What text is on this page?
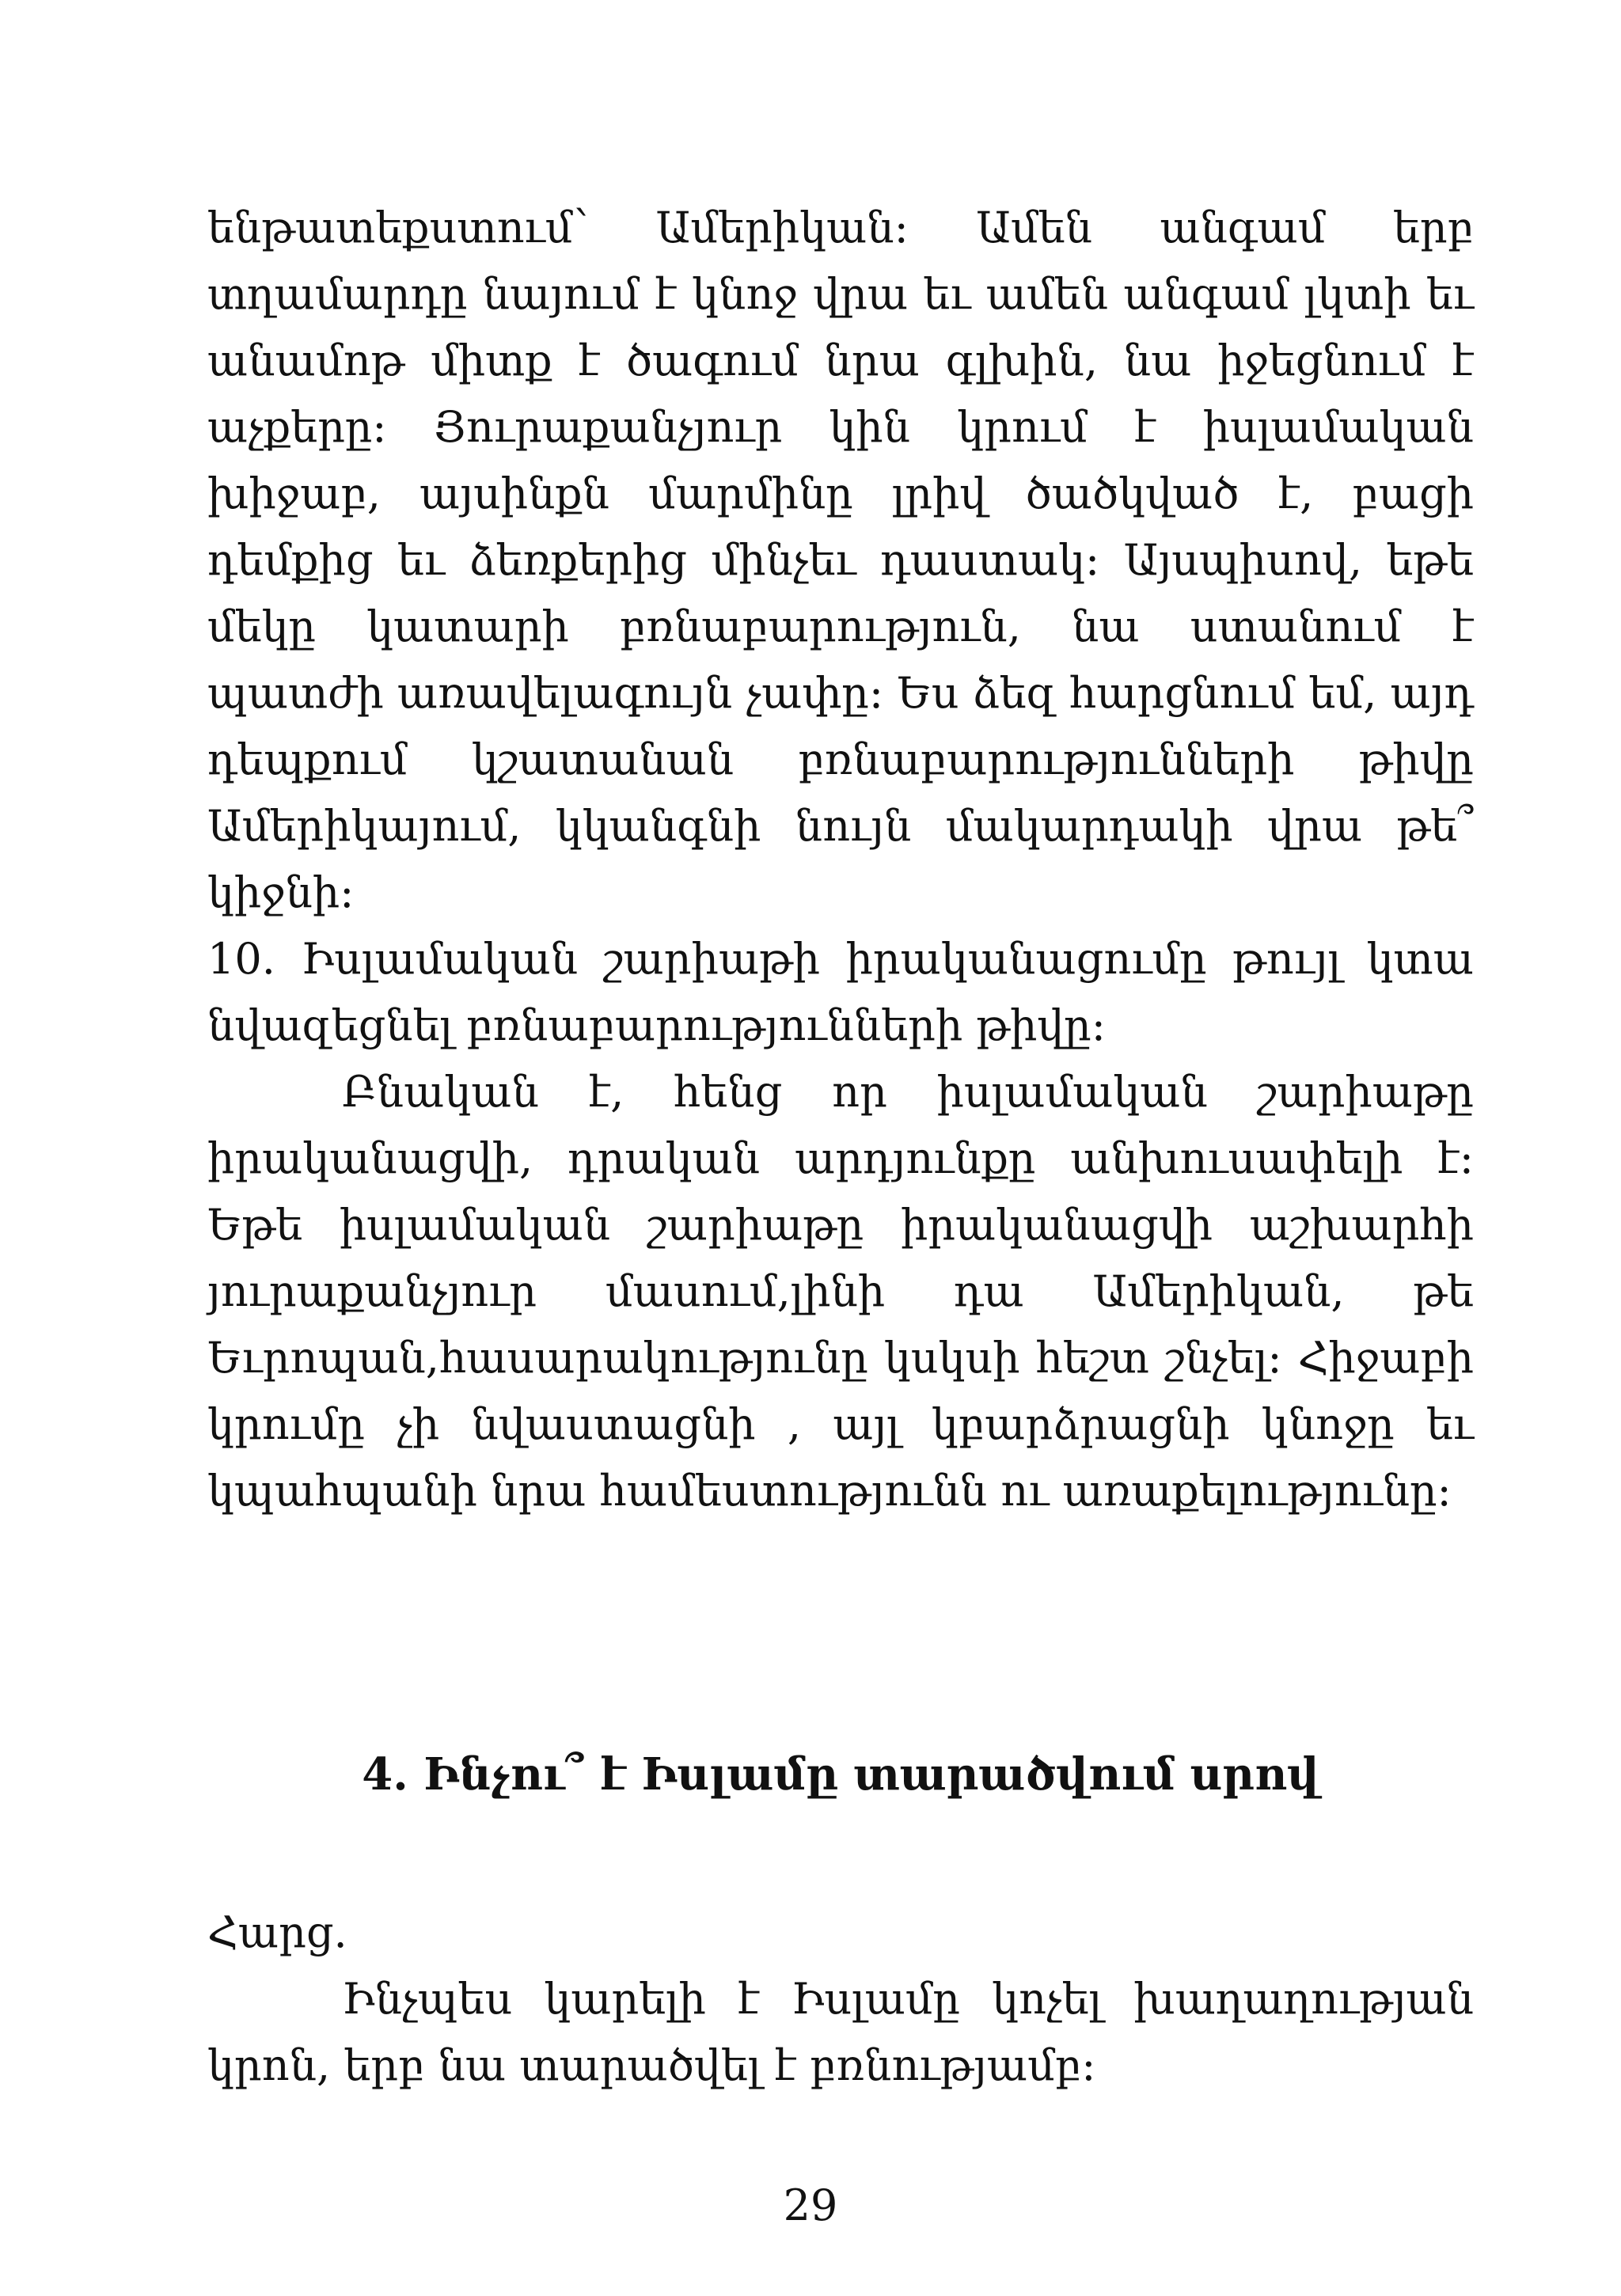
ենթատեքստում՝ Ամերիկան: Ամեն անգամ երբ տղամարդը նայում է կնոջ վրա եւ ամեն անգամ լկտի եւ անամոթ միտք է ծագում նրա գլխին, նա իջեցնում է աչքերը: Յուրաքանչյուր կին կրում է իսլամական խիջաբ, այսինքն մարմինը լրիվ ծածկված է, բացի դեմքից եւ ձեռքերից մինչեւ դաստակ: Այսպիսով, եթե մեկը կատարի բռնաբարություն, նա ստանում է պատժի առավելագույն չափը: Ես ձեզ հարցնում եմ, այդ դեպքում կշատանան բռնաբարությունների թիվը Ամերիկայում, կկանգնի նույն մակարդակի վրա թե՞ կիջնի:

10. Իսլամական շարիաթի իրականացումը թույլ կտա նվազեցնել բռնաբարությունների թիվը:

Բնական է, հենց որ իսլամական շարիաթը իրականացվի, դրական արդյունքը անխուսափելի է: Եթե իսլամական շարիաթը իրականացվի աշխարհի յուրաքանչյուր մասում,լինի դա Ամերիկան, թե Եւրոպան,հասարակությունը կսկսի հեշտ շնչել: Հիջաբի կրումը չի նվաստացնի , այլ կբարձրացնի կնոջը եւ կպահպանի նրա համեստությունն ու առաքելությունը:

4. Ինչու՞ է Իսլամը տարածվում սրով

Հարց.

Ինչպես կարելի է Իսլամը կոչել խաղաղության կրոն, երբ նա տարածվել է բռնությամբ:

29
